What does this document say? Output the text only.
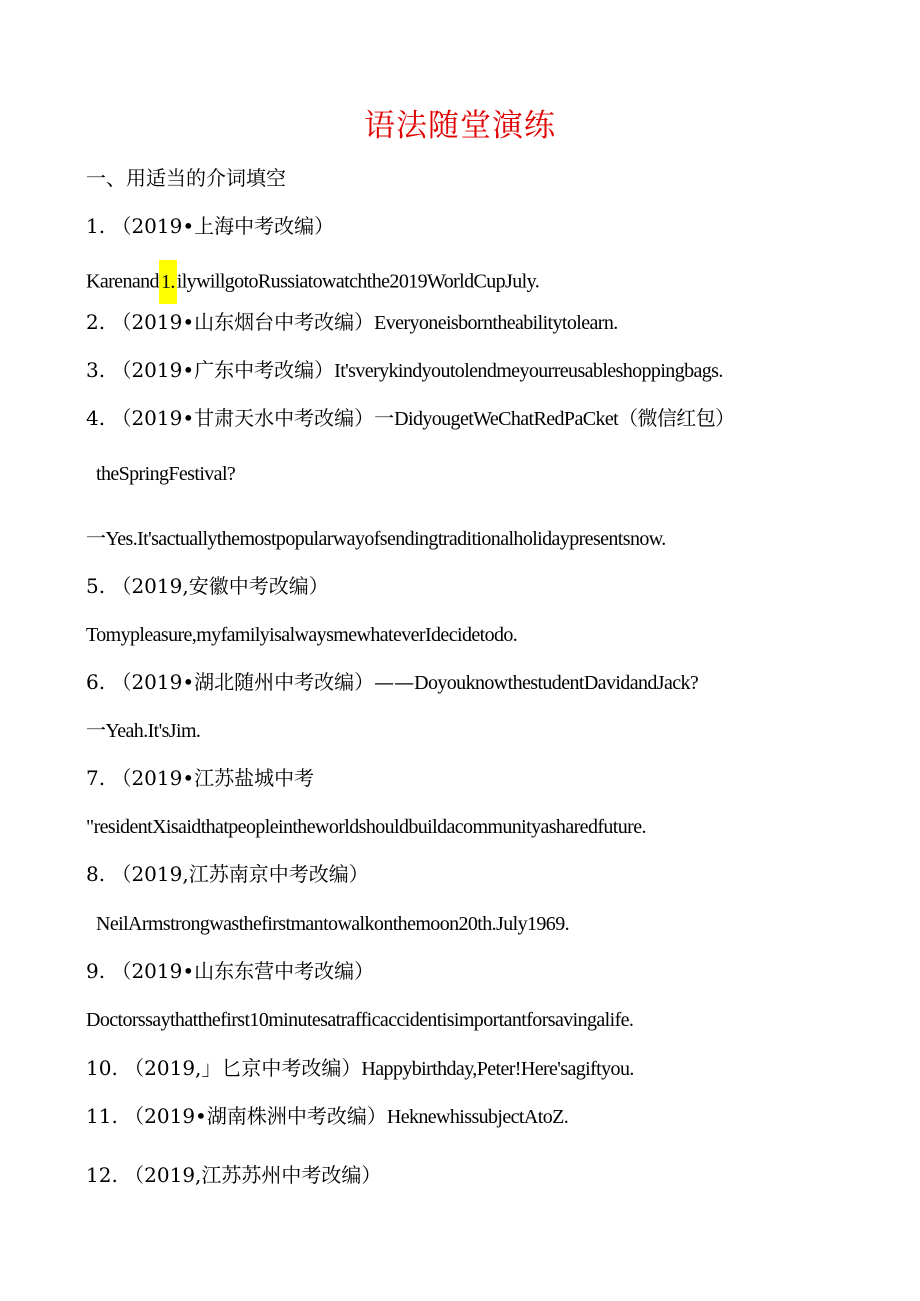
语法随堂演练
一、用适当的介词填空
1. （2019•上海中考改编）
Karenand 1. ilywillgotoRussiatowatchthe2019WorldCupJuly.
2. （2019•山东烟台中考改编）Everyoneisborntheabilitytolearn.
3. （2019•广东中考改编）It'sverykindyoutolendmeyourreusableshoppingbags.
4. （2019•甘肃天水中考改编）一DidyougetWeChatRedPaCket（微信红包）
theSpringFestival?
一Yes.It'sactuallythemostpopularwayofsendingtraditionalholidaypresentsnow.
5. （2019,安徽中考改编）
Tomypleasure,myfamilyisalwaysmewhateverIdecidetodo.
6. （2019•湖北随州中考改编）——DoyouknowthestudentDavidandJack?
一Yeah.It'sJim.
7. （2019•江苏盐城中考
"residentXisaidthatpeopleintheworldshouldbuildacommunityasharedfuture.
8. （2019,江苏南京中考改编）
NeilArmstrongwasthefirstmantowalkonthemoon20th.July1969.
9. （2019•山东东营中考改编）
Doctorssaythatthefirst10minutesatrafficaccidentisimportantforsavingalife.
10. （2019,」匕京中考改编）Happybirthday,Peter!Here'sagiftyou.
11. （2019•湖南株洲中考改编）HeknewhissubjectAtoZ.
12. （2019,江苏苏州中考改编）
